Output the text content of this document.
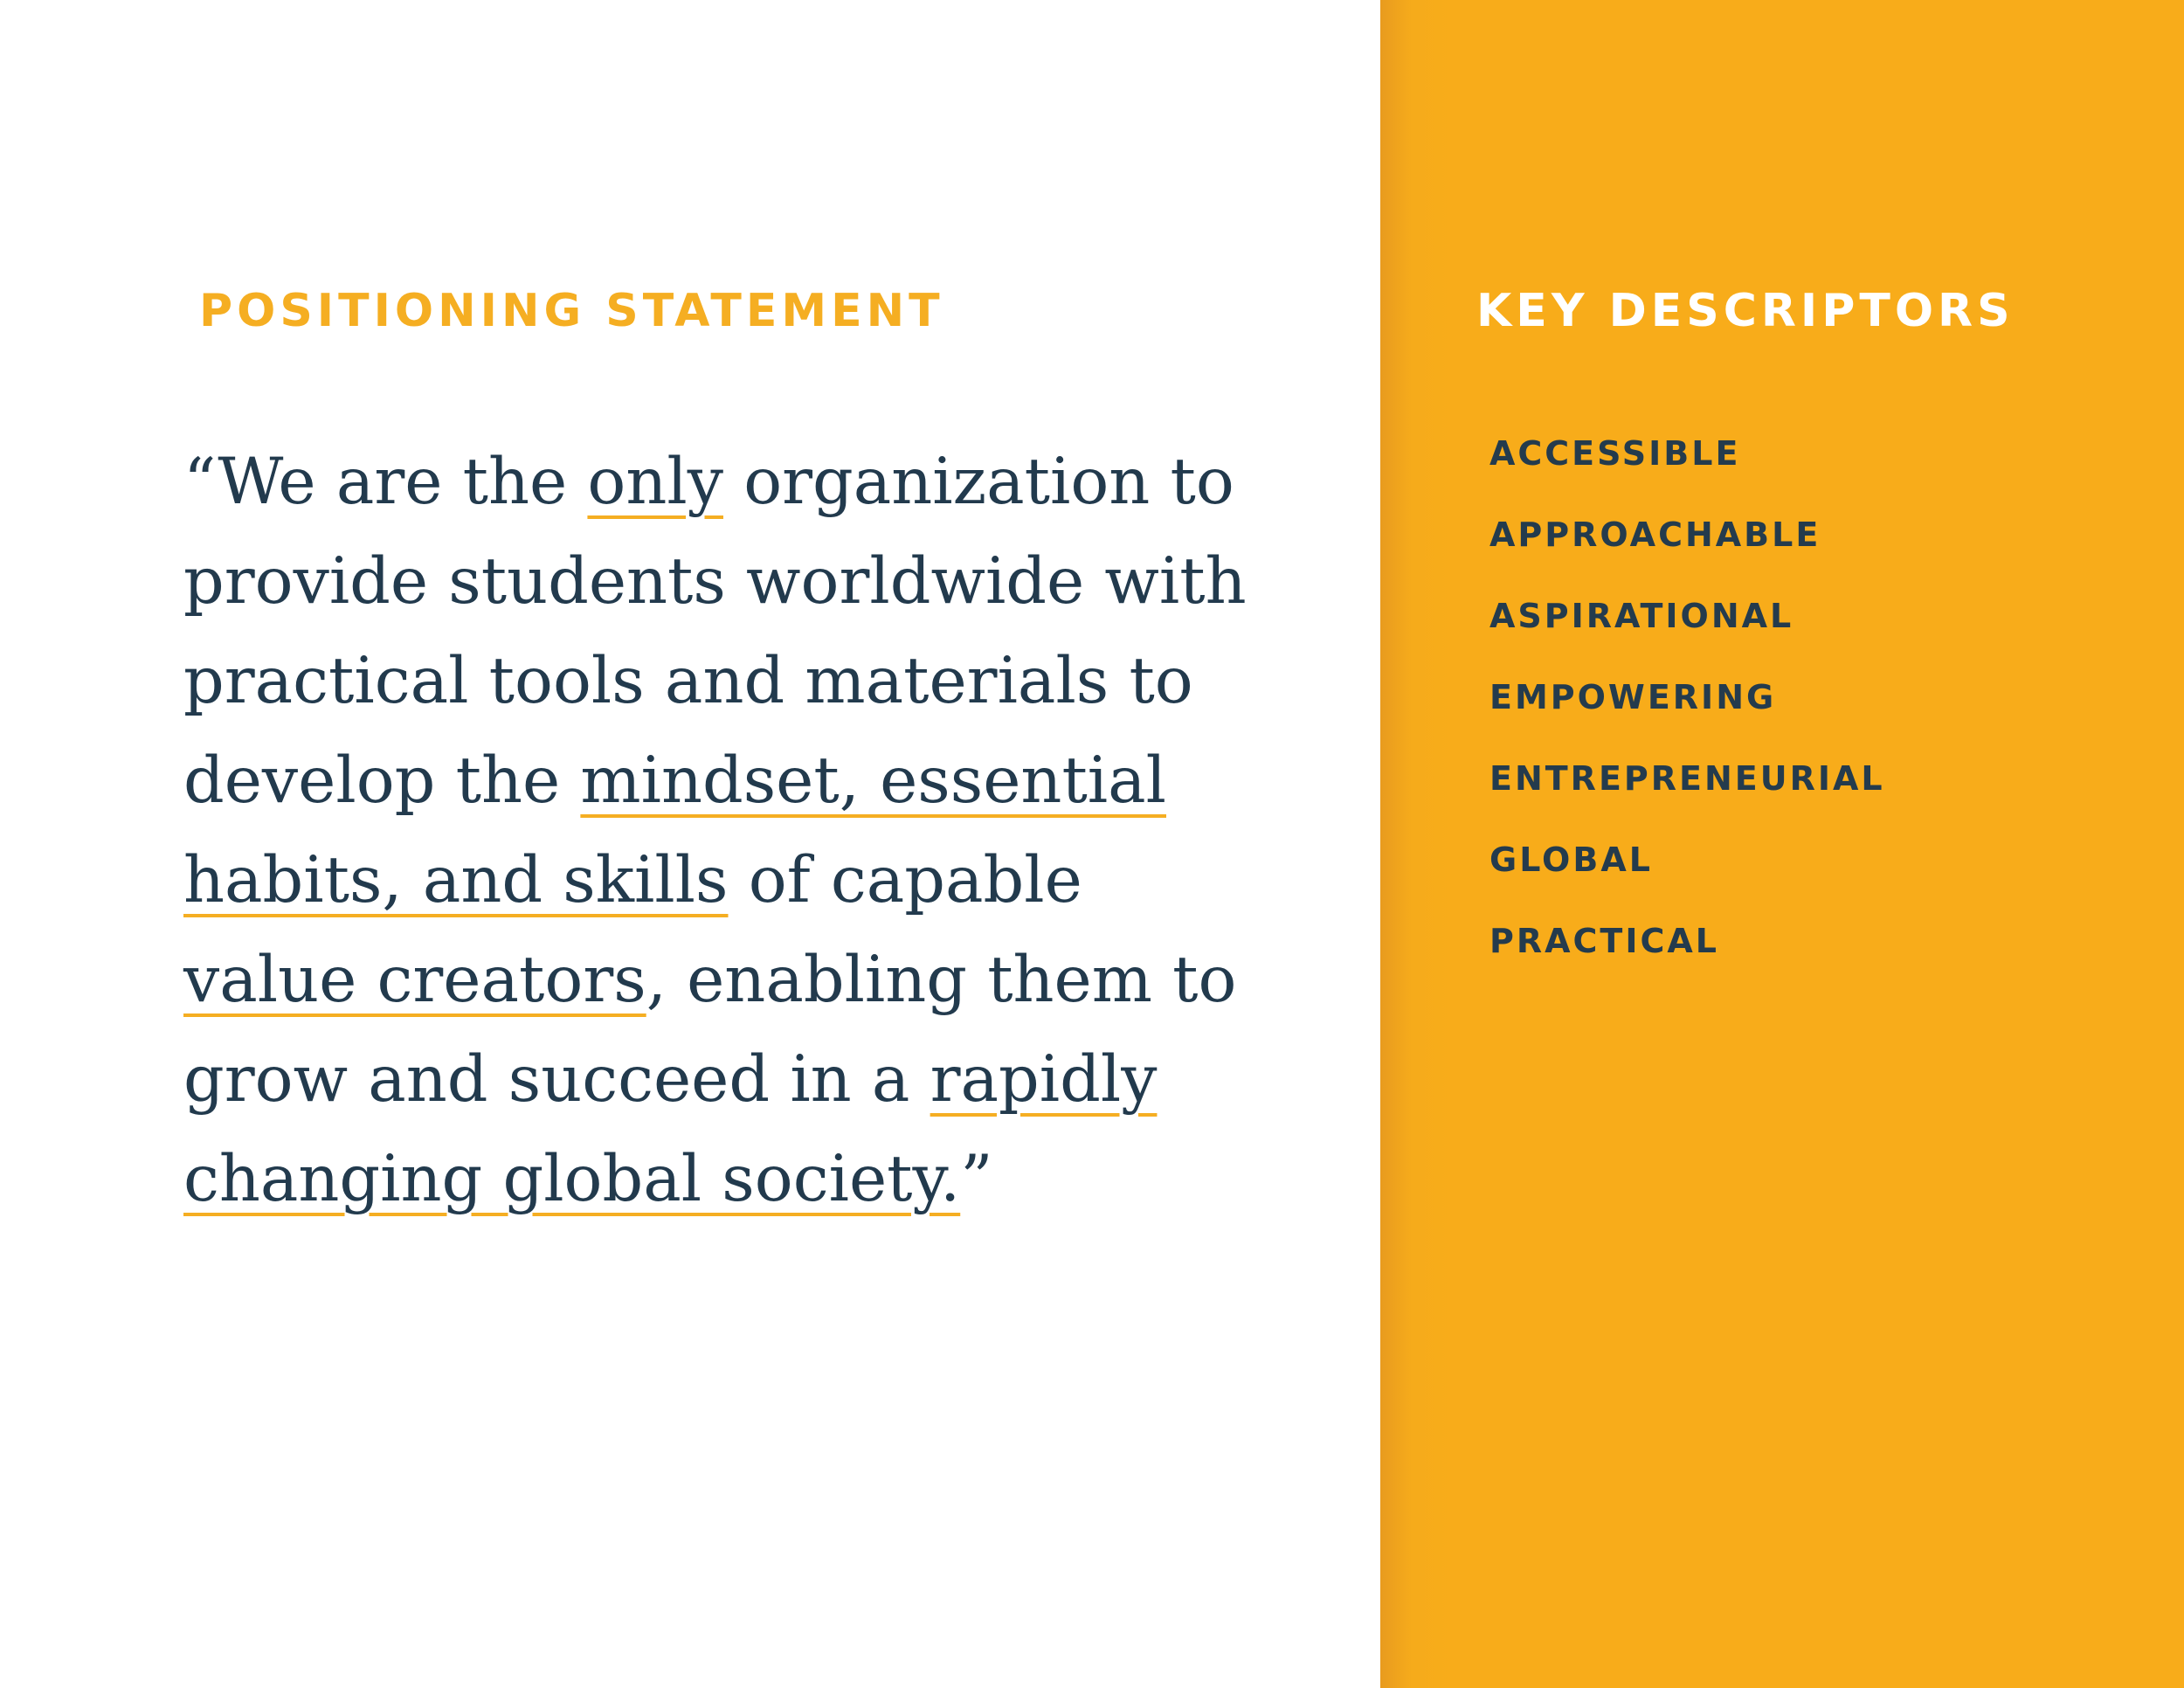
POSITIONING STATEMENT
“We are the only organization to
provide students worldwide with
practical tools and materials to
develop the mindset, essential
habits, and skills of capable
value creators, enabling them to
grow and succeed in a rapidly
changing global society.”
KEY DESCRIPTORS
ACCESSIBLE
APPROACHABLE
ASPIRATIONAL
EMPOWERING
ENTREPRENEURIAL
GLOBAL
PRACTICAL
